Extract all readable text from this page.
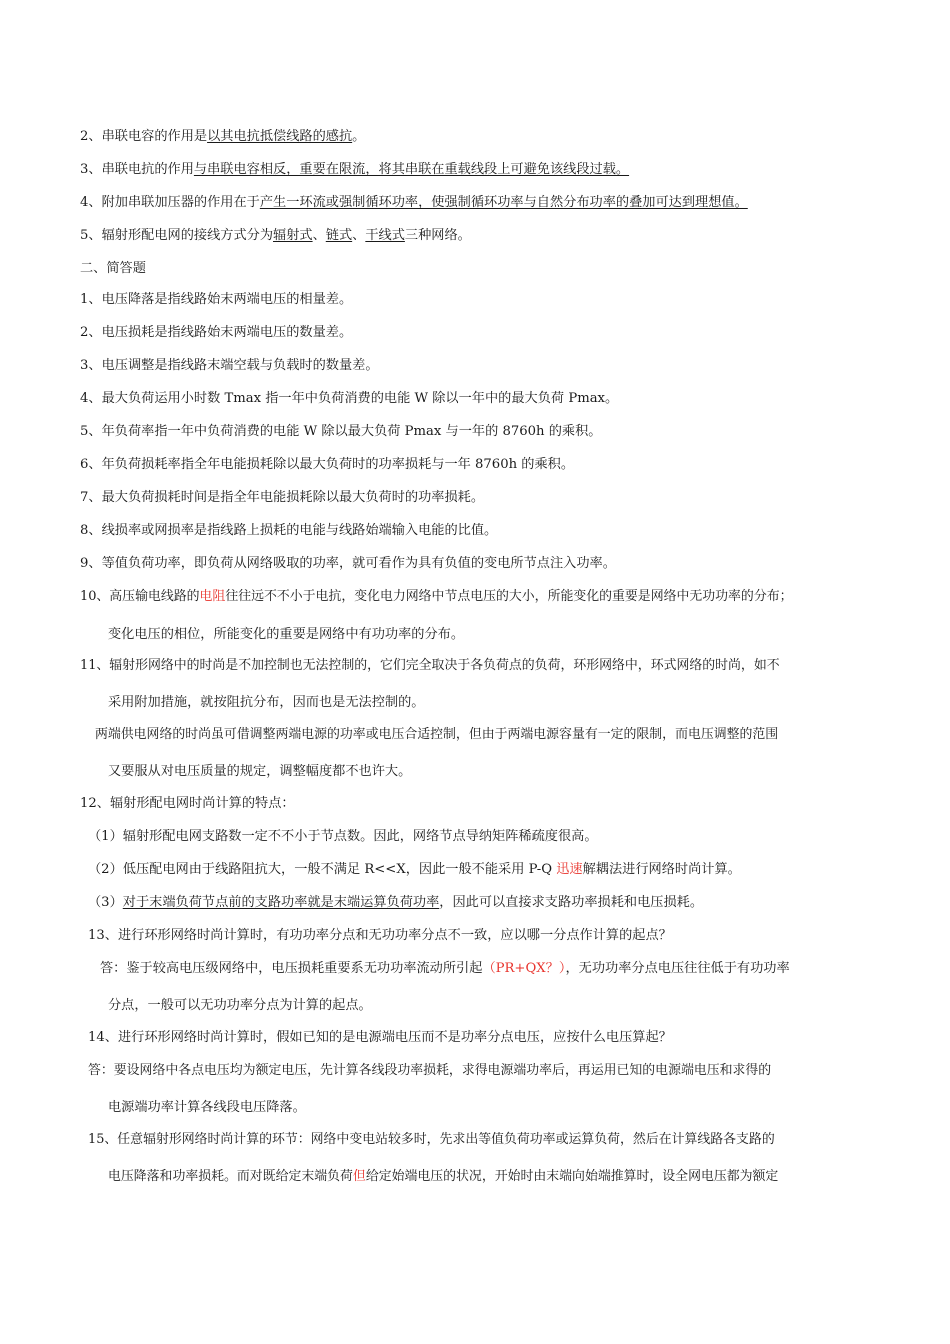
2、串联电容的作用是以其电抗抵偿线路的感抗。
3、串联电抗的作用与串联电容相反，重要在限流，将其串联在重载线段上可避免该线段过载。
4、附加串联加压器的作用在于产生一环流或强制循环功率，使强制循环功率与自然分布功率的叠加可达到理想值。
5、辐射形配电网的接线方式分为辐射式、链式、干线式三种网络。
二、简答题
1、电压降落是指线路始末两端电压的相量差。
2、电压损耗是指线路始末两端电压的数量差。
3、电压调整是指线路末端空载与负载时的数量差。
4、最大负荷运用小时数 Tmax 指一年中负荷消费的电能 W 除以一年中的最大负荷 Pmax。
5、年负荷率指一年中负荷消费的电能 W 除以最大负荷 Pmax 与一年的 8760h 的乘积。
6、年负荷损耗率指全年电能损耗除以最大负荷时的功率损耗与一年 8760h 的乘积。
7、最大负荷损耗时间是指全年电能损耗除以最大负荷时的功率损耗。
8、线损率或网损率是指线路上损耗的电能与线路始端输入电能的比值。
9、等值负荷功率，即负荷从网络吸取的功率，就可看作为具有负值的变电所节点注入功率。
10、高压输电线路的电阻往往远不不小于电抗，变化电力网络中节点电压的大小，所能变化的重要是网络中无功功率的分布；
变化电压的相位，所能变化的重要是网络中有功功率的分布。
11、辐射形网络中的时尚是不加控制也无法控制的，它们完全取决于各负荷点的负荷，环形网络中，环式网络的时尚，如不
采用附加措施，就按阻抗分布，因而也是无法控制的。
两端供电网络的时尚虽可借调整两端电源的功率或电压合适控制，但由于两端电源容量有一定的限制，而电压调整的范围
又要服从对电压质量的规定，调整幅度都不也许大。
12、辐射形配电网时尚计算的特点：
（1）辐射形配电网支路数一定不不小于节点数。因此，网络节点导纳矩阵稀疏度很高。
（2）低压配电网由于线路阻抗大，一般不满足 R<<X，因此一般不能采用 P-Q 迅速解耦法进行网络时尚计算。
（3）对于末端负荷节点前的支路功率就是末端运算负荷功率，因此可以直接求支路功率损耗和电压损耗。
13、进行环形网络时尚计算时，有功功率分点和无功功率分点不一致，应以哪一分点作计算的起点？
答：鉴于较高电压级网络中，电压损耗重要系无功功率流动所引起（PR+QX？），无功功率分点电压往往低于有功功率
分点，一般可以无功功率分点为计算的起点。
14、进行环形网络时尚计算时，假如已知的是电源端电压而不是功率分点电压，应按什么电压算起？
答：要设网络中各点电压均为额定电压，先计算各线段功率损耗，求得电源端功率后，再运用已知的电源端电压和求得的
电源端功率计算各线段电压降落。
15、任意辐射形网络时尚计算的环节：网络中变电站较多时，先求出等值负荷功率或运算负荷，然后在计算线路各支路的
电压降落和功率损耗。而对既给定末端负荷但给定始端电压的状况，开始时由末端向始端推算时，设全网电压都为额定
